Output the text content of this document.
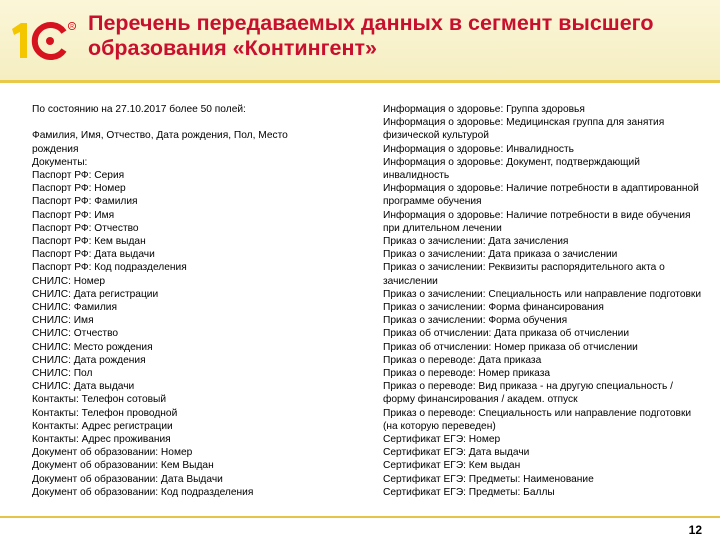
R Перечень передаваемых данных в сегмент высшего образования «Контингент»
По состоянию на 27.10.2017 более 50 полей:
Фамилия, Имя, Отчество, Дата рождения, Пол, Место рождения
Документы:
Паспорт РФ: Серия
Паспорт РФ: Номер
Паспорт РФ: Фамилия
Паспорт РФ: Имя
Паспорт РФ: Отчество
Паспорт РФ: Кем выдан
Паспорт РФ: Дата выдачи
Паспорт РФ: Код подразделения
СНИЛС: Номер
СНИЛС: Дата регистрации
СНИЛС: Фамилия
СНИЛС: Имя
СНИЛС: Отчество
СНИЛС: Место рождения
СНИЛС: Дата рождения
СНИЛС: Пол
СНИЛС: Дата выдачи
Контакты: Телефон сотовый
Контакты: Телефон проводной
Контакты: Адрес регистрации
Контакты: Адрес проживания
Документ об образовании: Номер
Документ об образовании: Кем Выдан
Документ об образовании: Дата Выдачи
Документ об образовании: Код подразделения
Информация о здоровье: Группа здоровья
Информация о здоровье: Медицинская группа для занятия физической культурой
Информация о здоровье: Инвалидность
Информация о здоровье: Документ, подтверждающий инвалидность
Информация о здоровье: Наличие потребности в адаптированной программе обучения
Информация о здоровье: Наличие потребности в виде обучения при длительном лечении
Приказ о зачислении: Дата зачисления
Приказ о зачислении: Дата приказа о зачислении
Приказ о зачислении: Реквизиты распорядительного акта о зачислении
Приказ о зачислении: Специальность или направление подготовки
Приказ о зачислении: Форма финансирования
Приказ о зачислении: Форма обучения
Приказ об отчислении: Дата приказа об отчислении
Приказ об отчислении: Номер приказа об отчислении
Приказ о переводе: Дата приказа
Приказ о переводе: Номер приказа
Приказ о переводе: Вид приказа - на другую специальность / форму финансирования / академ. отпуск
Приказ о переводе: Специальность или направление подготовки (на которую переведен)
Сертификат ЕГЭ: Номер
Сертификат ЕГЭ: Дата выдачи
Сертификат ЕГЭ: Кем выдан
Сертификат ЕГЭ: Предметы: Наименование
Сертификат ЕГЭ: Предметы: Баллы
12
